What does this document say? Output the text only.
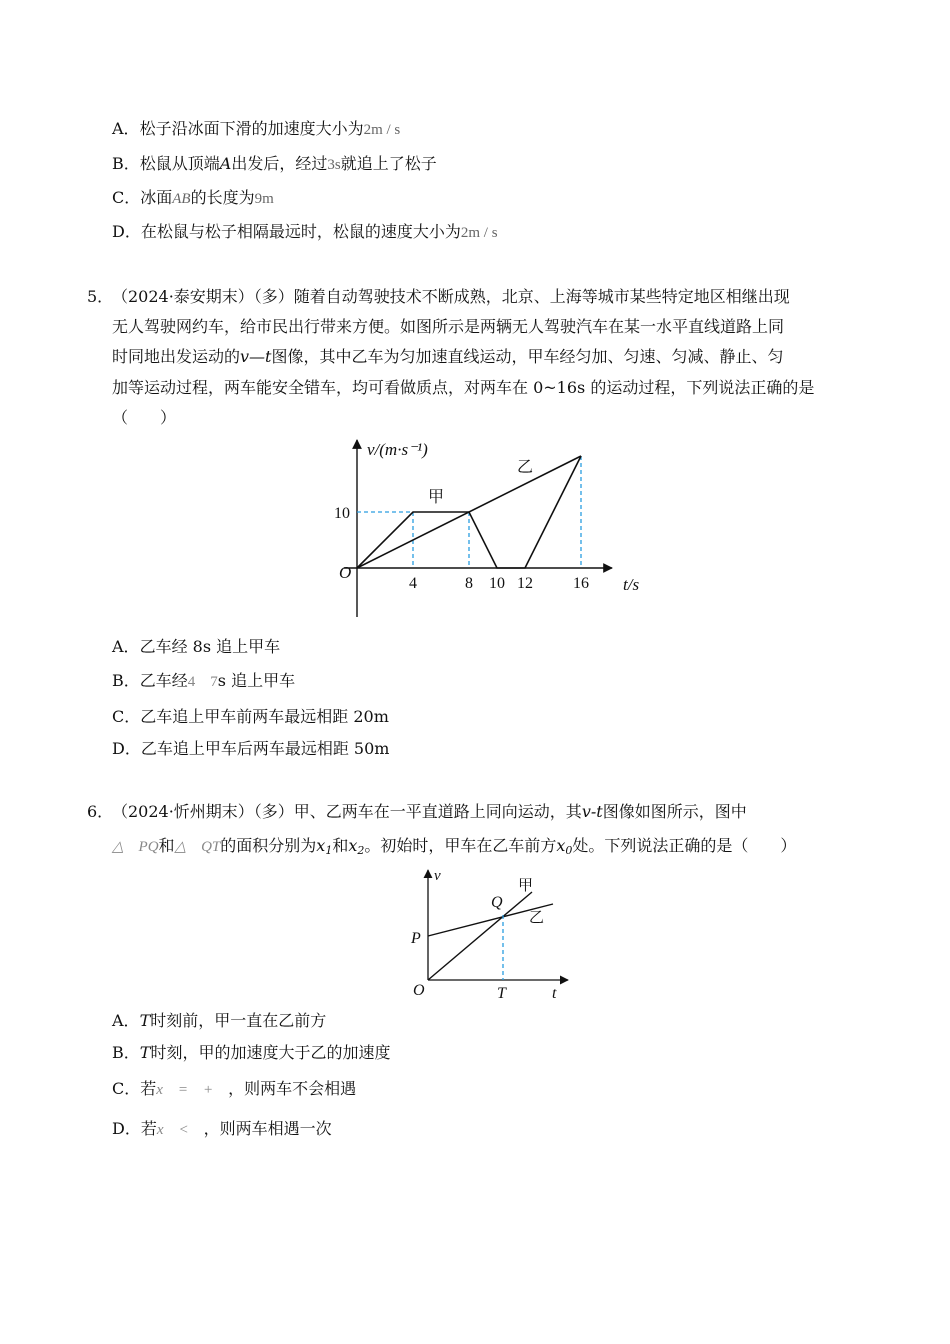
A．松子沿冰面下滑的加速度大小为2m / s
B．松鼠从顶端A出发后，经过3s就追上了松子
C．冰面AB的长度为9m
D．在松鼠与松子相隔最远时，松鼠的速度大小为2m / s
5．
（2024·泰安期末）（多）随着自动驾驶技术不断成熟，北京、上海等城市某些特定地区相继出现
无人驾驶网约车，给市民出行带来方便。如图所示是两辆无人驾驶汽车在某一水平直线道路上同
时同地出发运动的v—t图像，其中乙车为匀加速直线运动，甲车经匀加、匀速、匀减、静止、匀
加等运动过程，两车能安全错车，均可看做质点，对两车在 0~16s 的运动过程，下列说法正确的是
（　　）
4	8 10 12	16
10
v/(m·s⁻¹)
t/s
O
甲
乙
A．乙车经 8s 追上甲车
B．乙车经4　7s 追上甲车
C．乙车追上甲车前两车最远相距 20m
D．乙车追上甲车后两车最远相距 50m
6．
（2024·忻州期末）（多）甲、乙两车在一平直道路上同向运动，其v-t图像如图所示，图中
△　PQ和△　QT的面积分别为$x_1$和$x_2$。初始时，甲车在乙车前方$x_0$处。下列说法正确的是（　　）
v
t
O
P
Q
T
甲
乙
A．T时刻前，甲一直在乙前方
B．T时刻，甲的加速度大于乙的加速度
C．若x　=　+　，则两车不会相遇
D．若x　<　，则两车相遇一次
